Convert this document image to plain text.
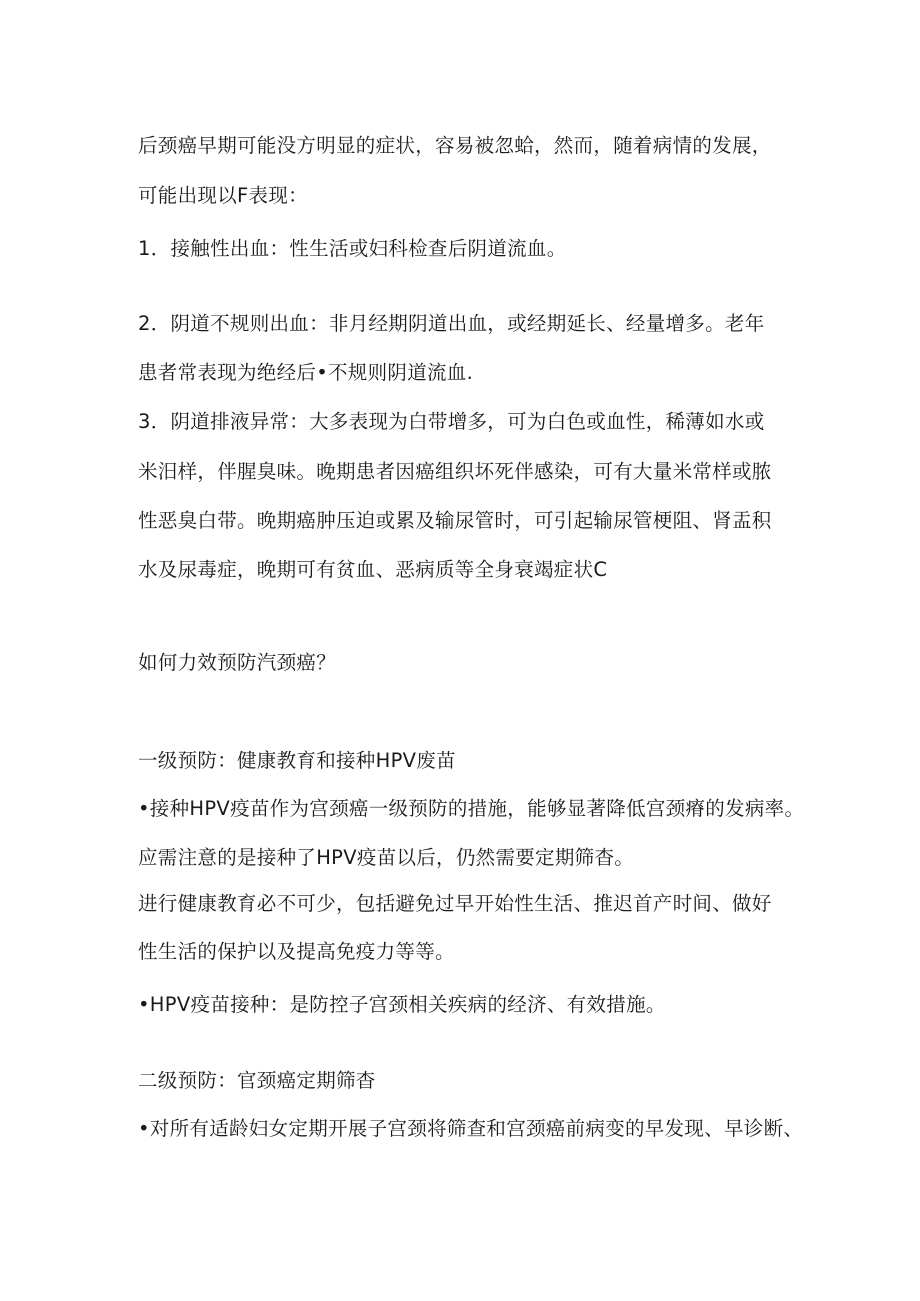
后颈癌早期可能没方明显的症状，容易被忽蛤，然而，随着病情的发展，
可能出现以F表现：
1．接触性出血：性生活或妇科检查后阴道流血。
2．阴道不规则出血：非月经期阴道出血，或经期延长、经量增多。老年
患者常表现为绝经后•不规则阴道流血.
3．阴道排液异常：大多表现为白带增多，可为白色或血性，稀薄如水或
米汨样，伴腥臭味。晚期患者因癌组织坏死伴感染，可有大量米常样或脓
性恶臭白带。晚期癌肿压迫或累及输尿管时，可引起输尿管梗阻、肾盂积
水及尿毒症，晚期可有贫血、恶病质等全身衰竭症状C
如何力效预防汽颈癌？
一级预防：健康教育和接种HPV废苗
•接种HPV疫苗作为宫颈癌一级预防的措施，能够显著降低宫颈瘠的发病率。
应需注意的是接种了HPV疫苗以后，仍然需要定期筛杳。
进行健康教育必不可少，包括避免过早开始性生活、推迟首产时间、做好
性生活的保护以及提高免疫力等等。
•HPV疫苗接种：是防控子宫颈相关疾病的经济、有效措施。
二级预防：官颈癌定期筛杳
•对所有适龄妇女定期开展子宫颈将筛查和宫颈癌前病变的早发现、早诊断、
